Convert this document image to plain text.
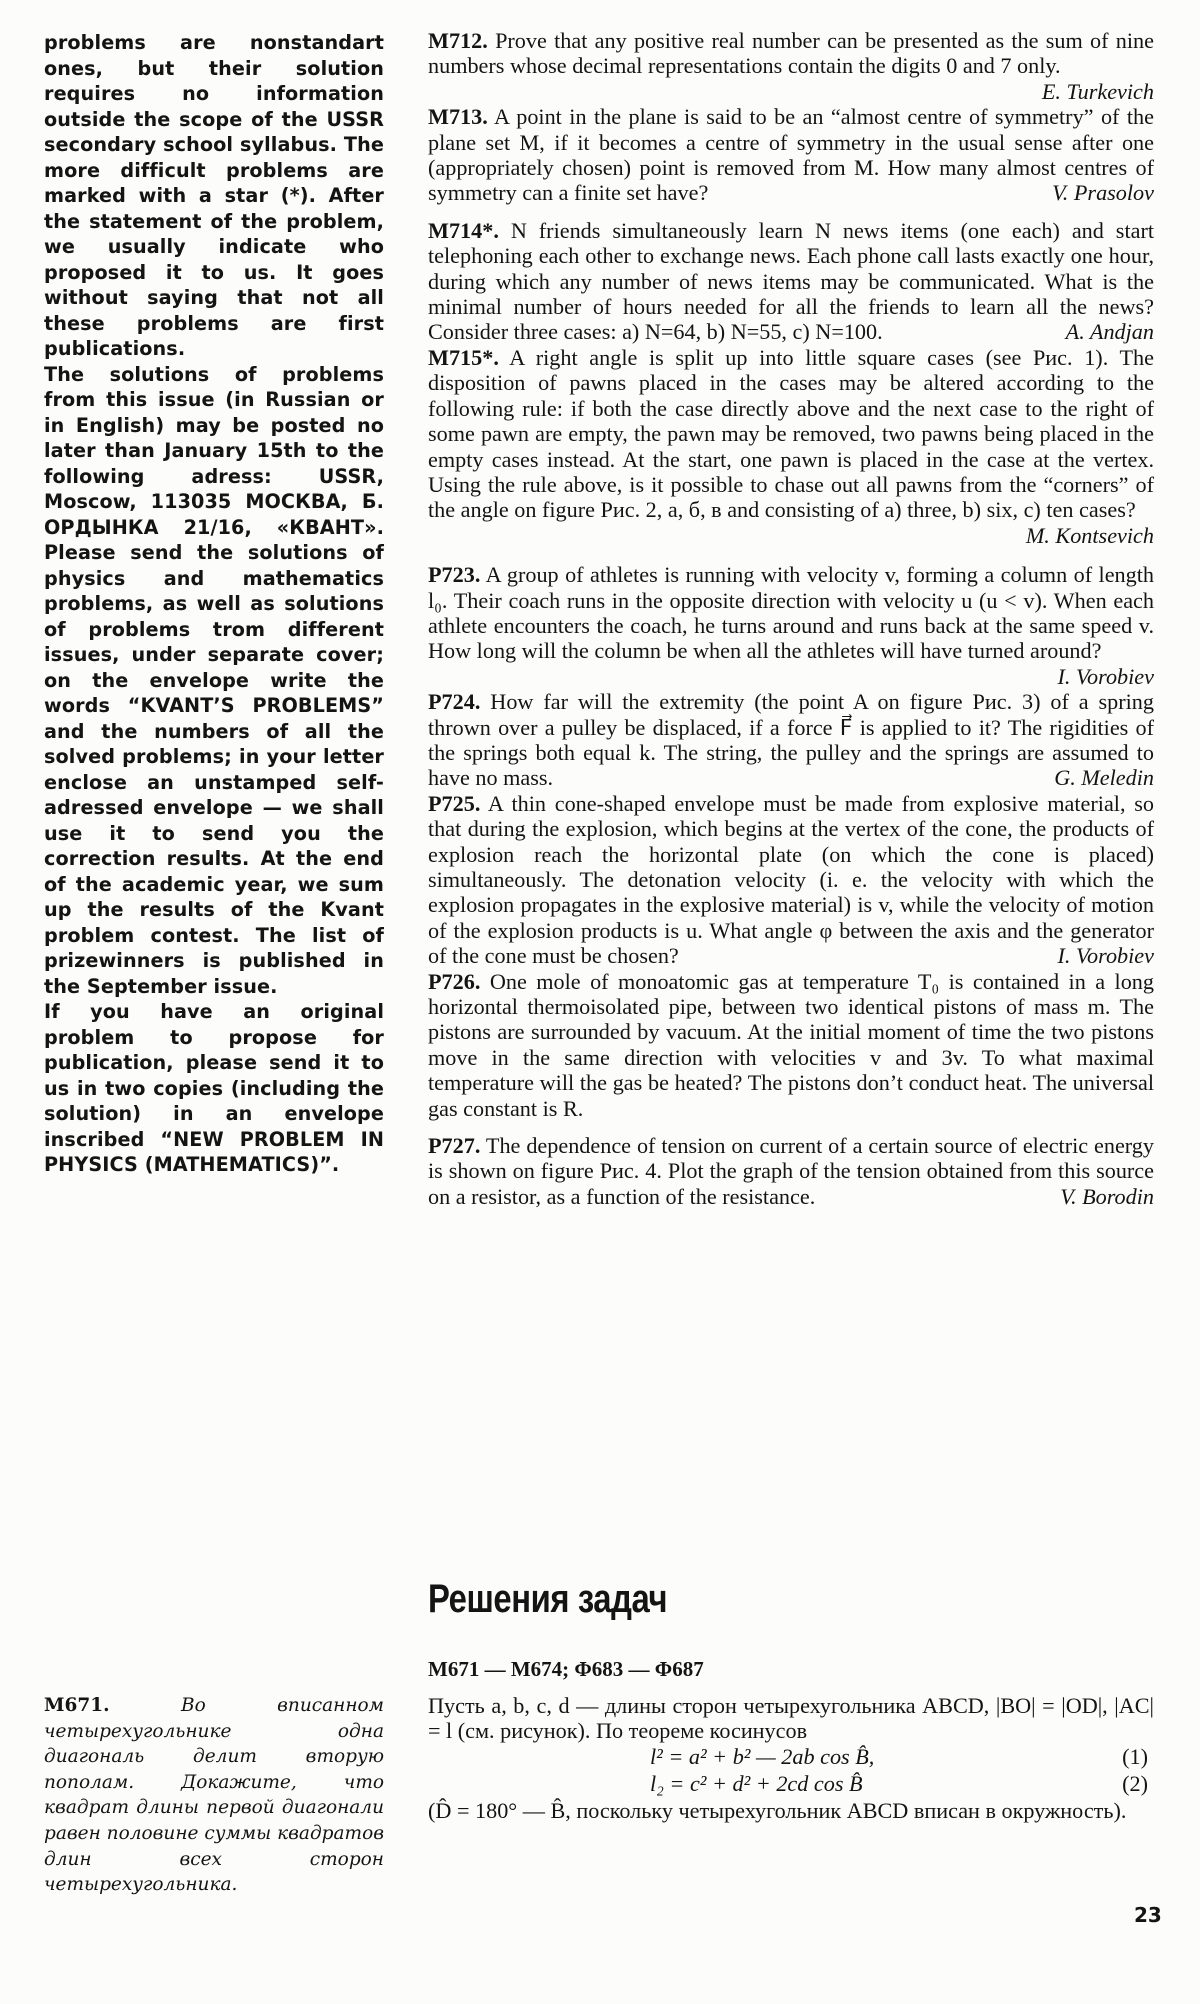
problems are nonstandart ones, but their solution requires no information outside the scope of the USSR secondary school syllabus. The more difficult problems are marked with a star (*). After the statement of the problem, we usually indicate who proposed it to us. It goes without saying that not all these problems are first publications.

The solutions of problems from this issue (in Russian or in English) may be posted no later than January 15th to the following adress: USSR, Moscow, 113035 МОСКВА, Б. ОРДЫНКА 21/16, «КВАНТ». Please send the solutions of physics and mathematics problems, as well as solutions of problems trom different issues, under separate cover; on the envelope write the words “KVANT’S PROBLEMS” and the numbers of all the solved problems; in your letter enclose an unstamped self-adressed envelope — we shall use it to send you the correction results. At the end of the academic year, we sum up the results of the Kvant problem contest. The list of prizewinners is published in the September issue.

If you have an original problem to propose for publication, please send it to us in two copies (including the solution) in an envelope inscribed “NEW PROBLEM IN PHYSICS (MATHEMATICS)”.

M712. Prove that any positive real number can be presented as the sum of nine numbers whose decimal representations contain the digits 0 and 7 only.
E. Turkevich
M713. A point in the plane is said to be an “almost centre of symmetry” of the plane set M, if it becomes a centre of symmetry in the usual sense after one (appropriately chosen) point is removed from M. How many almost centres of symmetry can a finite set have?	V. Prasolov
M714*. N friends simultaneously learn N news items (one each) and start telephoning each other to exchange news. Each phone call lasts exactly one hour, during which any number of news items may be communicated. What is the minimal number of hours needed for all the friends to learn all the news? Consider three cases: a) N=64, b) N=55, c) N=100.	A. Andjan
M715*. A right angle is split up into little square cases (see Рис. 1). The disposition of pawns placed in the cases may be altered according to the following rule: if both the case directly above and the next case to the right of some pawn are empty, the pawn may be removed, two pawns being placed in the empty cases instead. At the start, one pawn is placed in the case at the vertex. Using the rule above, is it possible to chase out all pawns from the “corners” of the angle on figure Рис. 2, а, б, в and consisting of a) three, b) six, c) ten cases?
M. Kontsevich
P723. A group of athletes is running with velocity v, forming a column of length l₀. Their coach runs in the opposite direction with velocity u (u < v). When each athlete encounters the coach, he turns around and runs back at the same speed v. How long will the column be when all the athletes will have turned around?
I. Vorobiev
P724. How far will the extremity (the point A on figure Рис. 3) of a spring thrown over a pulley be displaced, if a force F⃗ is applied to it? The rigidities of the springs both equal k. The string, the pulley and the springs are assumed to have no mass.	G. Meledin
P725. A thin cone-shaped envelope must be made from explosive material, so that during the explosion, which begins at the vertex of the cone, the products of explosion reach the horizontal plate (on which the cone is placed) simultaneously. The detonation velocity (i. e. the velocity with which the explosion propagates in the explosive material) is v, while the velocity of motion of the explosion products is u. What angle φ between the axis and the generator of the cone must be chosen?	I. Vorobiev
P726. One mole of monoatomic gas at temperature T₀ is contained in a long horizontal thermoisolated pipe, between two identical pistons of mass m. The pistons are surrounded by vacuum. At the initial moment of time the two pistons move in the same direction with velocities v and 3v. To what maximal temperature will the gas be heated? The pistons don’t conduct heat. The universal gas constant is R.
P727. The dependence of tension on current of a certain source of electric energy is shown on figure Рис. 4. Plot the graph of the tension obtained from this source on a resistor, as a function of the resistance.	V. Borodin
Решения задач
M671 — M674; Φ683 — Φ687

Пусть a, b, c, d — длины сторон четырехугольника ABCD, |BO| = |OD|, |AC| = l (см. рисунок). По теореме косинусов

l² = a² + b² — 2ab cos B̂,	(1)
l₂ = c² + d² + 2cd cos B̂	(2)

(D̂ = 180° — B̂, поскольку четырехугольник ABCD вписан в окружность).

M671.	Во вписанном четырехугольнике одна диагональ делит вторую пополам. Докажите, что квадрат длины первой диагонали равен половине суммы квадратов длин всех сторон четырехугольника.
23
